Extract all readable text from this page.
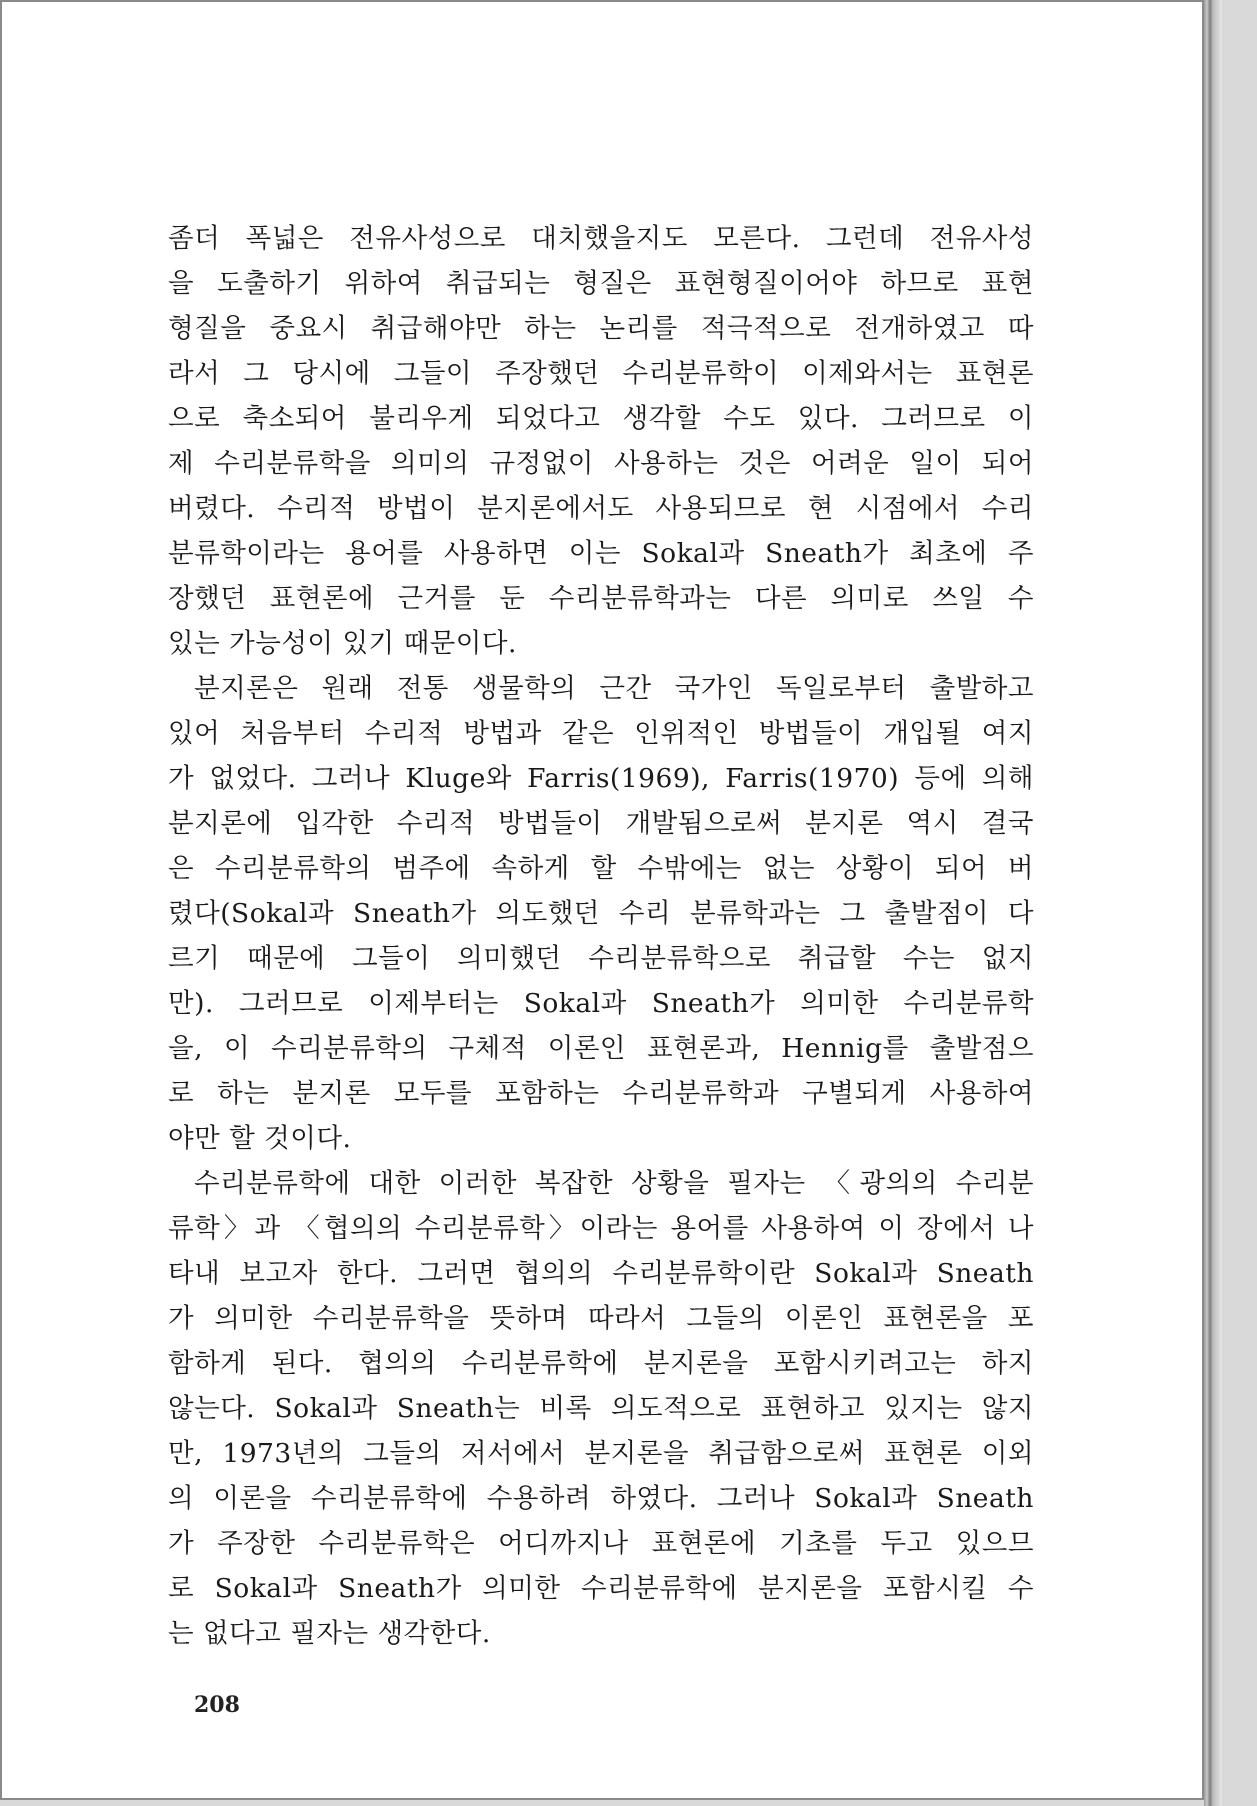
좀더 폭넓은 전유사성으로 대치했을지도 모른다. 그런데 전유사성
을 도출하기 위하여 취급되는 형질은 표현형질이어야 하므로 표현
형질을 중요시 취급해야만 하는 논리를 적극적으로 전개하였고 따
라서 그 당시에 그들이 주장했던 수리분류학이 이제와서는 표현론
으로 축소되어 불리우게 되었다고 생각할 수도 있다. 그러므로 이
제 수리분류학을 의미의 규정없이 사용하는 것은 어려운 일이 되어
버렸다. 수리적 방법이 분지론에서도 사용되므로 현 시점에서 수리
분류학이라는 용어를 사용하면 이는 Sokal과 Sneath가 최초에 주
장했던 표현론에 근거를 둔 수리분류학과는 다른 의미로 쓰일 수
있는 가능성이 있기 때문이다.
분지론은 원래 전통 생물학의 근간 국가인 독일로부터 출발하고
있어 처음부터 수리적 방법과 같은 인위적인 방법들이 개입될 여지
가 없었다. 그러나 Kluge와 Farris(1969), Farris(1970) 등에 의해
분지론에 입각한 수리적 방법들이 개발됨으로써 분지론 역시 결국
은 수리분류학의 범주에 속하게 할 수밖에는 없는 상황이 되어 버
렸다(Sokal과 Sneath가 의도했던 수리 분류학과는 그 출발점이 다
르기 때문에 그들이 의미했던 수리분류학으로 취급할 수는 없지
만). 그러므로 이제부터는 Sokal과 Sneath가 의미한 수리분류학
을, 이 수리분류학의 구체적 이론인 표현론과, Hennig를 출발점으
로 하는 분지론 모두를 포함하는 수리분류학과 구별되게 사용하여
야만 할 것이다.
수리분류학에 대한 이러한 복잡한 상황을 필자는 〈광의의 수리분
류학〉과 〈협의의 수리분류학〉이라는 용어를 사용하여 이 장에서 나
타내 보고자 한다. 그러면 협의의 수리분류학이란 Sokal과 Sneath
가 의미한 수리분류학을 뜻하며 따라서 그들의 이론인 표현론을 포
함하게 된다. 협의의 수리분류학에 분지론을 포함시키려고는 하지
않는다. Sokal과 Sneath는 비록 의도적으로 표현하고 있지는 않지
만, 1973년의 그들의 저서에서 분지론을 취급함으로써 표현론 이외
의 이론을 수리분류학에 수용하려 하였다. 그러나 Sokal과 Sneath
가 주장한 수리분류학은 어디까지나 표현론에 기초를 두고 있으므
로 Sokal과 Sneath가 의미한 수리분류학에 분지론을 포함시킬 수
는 없다고 필자는 생각한다.
208
